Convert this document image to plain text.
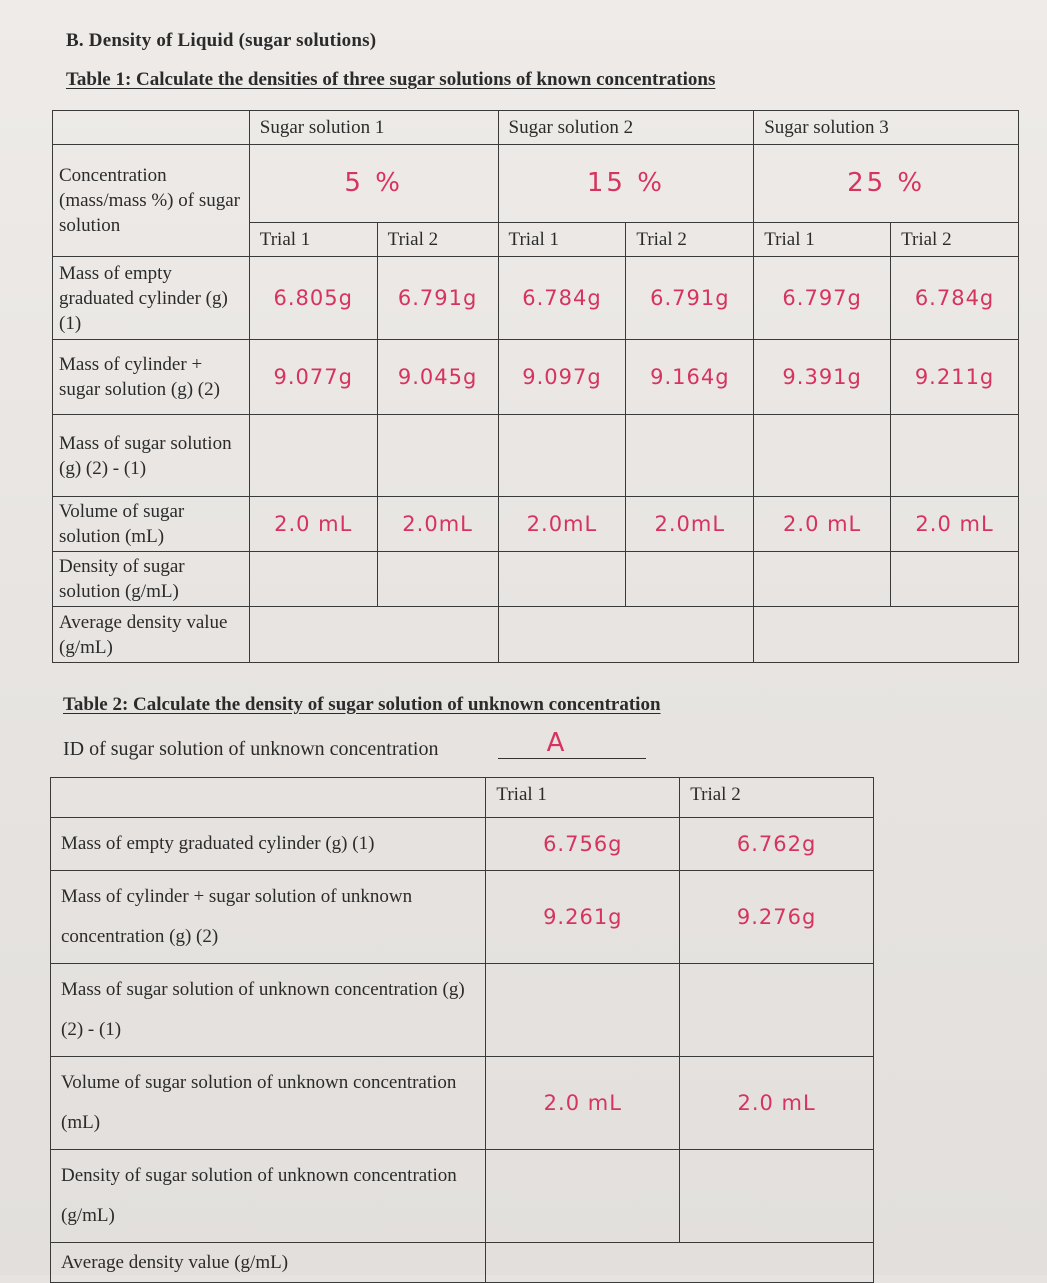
B. Density of Liquid (sugar solutions)
Table 1: Calculate the densities of three sugar solutions of known concentrations
	Sugar solution 1		Sugar solution 2		Sugar solution 3	
Concentration (mass/mass %) of sugar solution	5 %		15 %		25 %	
	Trial 1	Trial 2	Trial 1	Trial 2	Trial 1	Trial 2
Mass of empty graduated cylinder (g) (1)	6.805g	6.791g	6.784g	6.791g	6.797g	6.784g
Mass of cylinder + sugar solution (g) (2)	9.077g	9.045g	9.097g	9.164g	9.391g	9.211g
Mass of sugar solution (g) (2) - (1)						
Volume of sugar solution (mL)	2.0 mL	2.0mL	2.0mL	2.0mL	2.0 mL	2.0 mL
Density of sugar solution (g/mL)						
Average density value (g/mL)						
Table 2: Calculate the density of sugar solution of unknown concentration
ID of sugar solution of unknown concentration	A
	Trial 1	Trial 2
Mass of empty graduated cylinder (g) (1)	6.756g	6.762g
Mass of cylinder + sugar solution of unknown concentration (g) (2)	9.261g	9.276g
Mass of sugar solution of unknown concentration (g) (2) - (1)		
Volume of sugar solution of unknown concentration (mL)	2.0 mL	2.0 mL
Density of sugar solution of unknown concentration (g/mL)		
Average density value (g/mL)		
